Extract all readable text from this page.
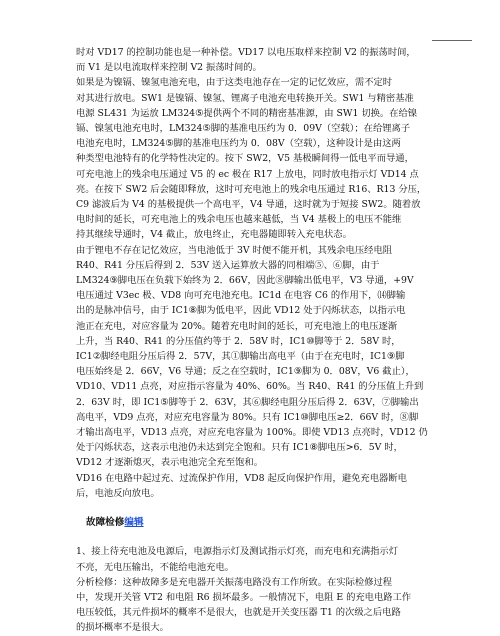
时对 VD17 的控制功能也是一种补偿。VD17 以电压取样来控制 V2 的振荡时间，
而 V1 是以电流取样来控制 V2 振荡时间的。
如果是为镍镉、镍氢电池充电，由于这类电池存在一定的记忆效应，需不定时
对其进行放电。SW1 是镍镉、镍氢、锂离子电池充电转换开关。SW1 与精密基准
电源 SL431 为运放 LM324⑤提供两个不同的精密基准源，由 SW1 切换。在给镍
镉、镍氢电池充电时，LM324⑤脚的基准电压约为 0．09V（空载）；在给锂离子
电池充电时，LM324⑤脚的基准电压约为 0．08V（空载），这种设计是由这两
种类型电池特有的化学特性决定的。按下 SW2，V5 基极瞬间得一低电平而导通，
可充电池上的残余电压通过 V5 的 ec 极在 R17 上放电，同时放电指示灯 VD14 点
亮。在按下 SW2 后会随即释放，这时可充电池上的残余电压通过 R16、R13 分压，
C9 滤波后为 V4 的基极提供一个高电平，V4 导通，这时就为于短接 SW2。随着放
电时间的延长，可充电池上的残余电压也越来越低，当 V4 基极上的电压不能维
持其继续导通时，V4 截止，放电终止，充电器随即转入充电状态。
由于锂电不存在记忆效应，当电池低于 3V 时便不能开机，其残余电压经电阻
R40、R41 分压后得到 2．53V 送入运算放大器的同相端⑤、⑥脚，由于
LM324⑨脚电压在负载下始终为 2．66V，因此⑧脚输出低电平，V3 导通，+9V
电压通过 V3ec 极、VD8 向可充电池充电。IC1d 在电容 C6 的作用下，⒁脚输
出的是脉冲信号，由于 IC1⑧脚为低电平，因此 VD12 处于闪烁状态，以指示电
池正在充电，对应容量为 20%。随着充电时间的延长，可充电池上的电压逐渐
上升，当 R40、R41 的分压值约等于 2．58V 时，IC1⑩脚等于 2．58V 时，
IC1②脚经电阻分压后得 2．57V，其①脚输出高电平（由于在充电时，IC1⑨脚
电压始终是 2．66V，V6 导通；反之在空载时，IC1⑨脚为 0．08V，V6 截止），
VD10、VD11 点亮，对应指示容量为 40%、60%。当 R40、R41 的分压值上升到
2．63V 时，即 IC1⑤脚等于 2．63V，其⑥脚经电阻分压后得 2．63V，⑦脚输出
高电平，VD9 点亮，对应充电容量为 80%。只有 IC1⑩脚电压≥2．66V 时，⑧脚
才输出高电平，VD13 点亮，对应充电容量为 100%。即使 VD13 点亮时，VD12 仍
处于闪烁状态，这表示电池仍未达到完全饱和。只有 IC1⑧脚电压>6．5V 时，
VD12 才逐渐熄灭，表示电池完全充至饱和。
VD16 在电路中起过充、过流保护作用，VD8 起反向保护作用，避免充电器断电
后，电池反向放电。
故障检修编辑
1、接上待充电池及电源后，电源指示灯及测试指示灯亮，而充电和充满指示灯
不亮，无电压输出，不能给电池充电。
分析检修：这种故障多是充电器开关振荡电路没有工作所致。在实际检修过程
中，发现开关管 VT2 和电阻 R6 损坏最多。一般情况下，电阻 E 的充电电路工作
电压较低，其元件损坏的概率不是很大，也就是开关变压器 T1 的次级之后电路
的损坏概率不是很大。
